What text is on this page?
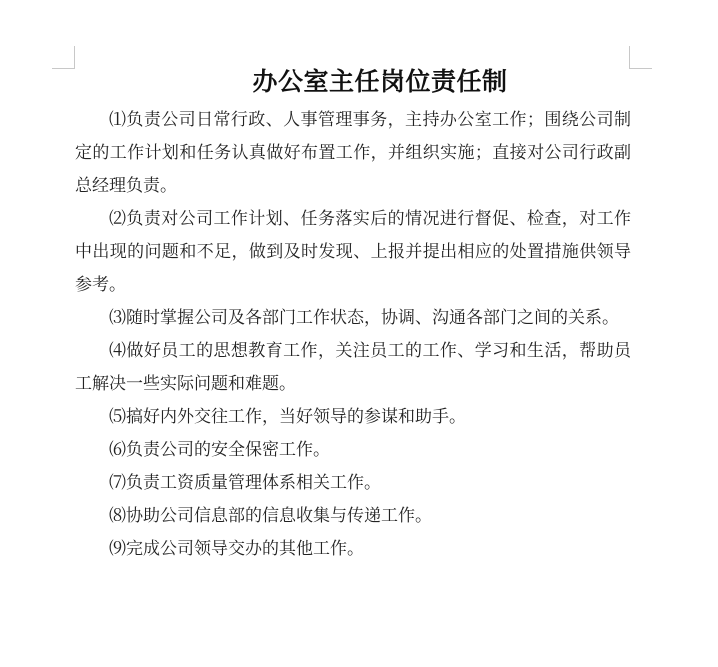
办公室主任岗位责任制

⑴负责公司日常行政、人事管理事务，主持办公室工作；围绕公司制定的工作计划和任务认真做好布置工作，并组织实施；直接对公司行政副总经理负责。

⑵负责对公司工作计划、任务落实后的情况进行督促、检查，对工作中出现的问题和不足，做到及时发现、上报并提出相应的处置措施供领导参考。

⑶随时掌握公司及各部门工作状态，协调、沟通各部门之间的关系。

⑷做好员工的思想教育工作，关注员工的工作、学习和生活，帮助员工解决一些实际问题和难题。

⑸搞好内外交往工作，当好领导的参谋和助手。

⑹负责公司的安全保密工作。

⑺负责工资质量管理体系相关工作。

⑻协助公司信息部的信息收集与传递工作。

⑼完成公司领导交办的其他工作。
